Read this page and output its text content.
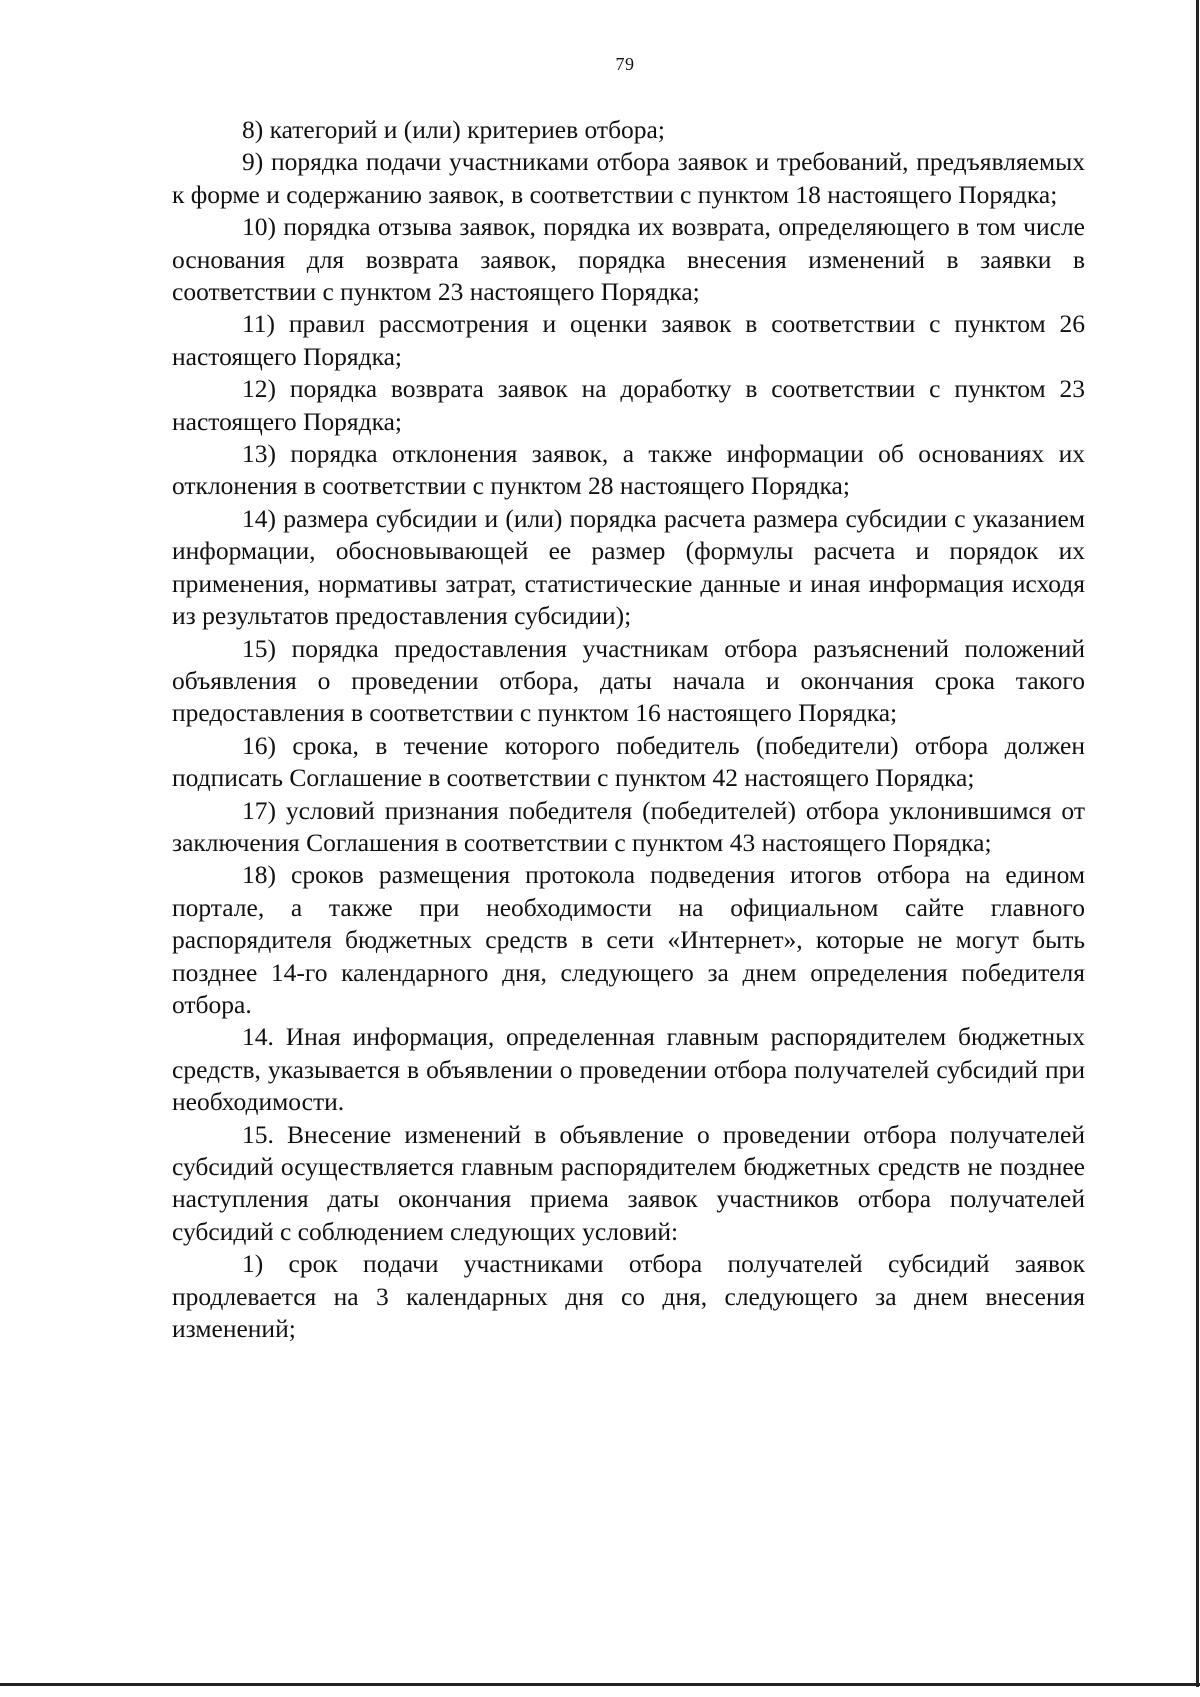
79

8) категорий и (или) критериев отбора;

9) порядка подачи участниками отбора заявок и требований, предъявляемых к форме и содержанию заявок, в соответствии с пунктом 18 настоящего Порядка;

10) порядка отзыва заявок, порядка их возврата, определяющего в том числе основания для возврата заявок, порядка внесения изменений в заявки в соответствии с пунктом 23 настоящего Порядка;

11) правил рассмотрения и оценки заявок в соответствии с пунктом 26 настоящего Порядка;

12) порядка возврата заявок на доработку в соответствии с пунктом 23 настоящего Порядка;

13) порядка отклонения заявок, а также информации об основаниях их отклонения в соответствии с пунктом 28 настоящего Порядка;

14) размера субсидии и (или) порядка расчета размера субсидии с указанием информации, обосновывающей ее размер (формулы расчета и порядок их применения, нормативы затрат, статистические данные и иная информация исходя из результатов предоставления субсидии);

15) порядка предоставления участникам отбора разъяснений положений объявления о проведении отбора, даты начала и окончания срока такого предоставления в соответствии с пунктом 16 настоящего Порядка;

16) срока, в течение которого победитель (победители) отбора должен подписать Соглашение в соответствии с пунктом 42 настоящего Порядка;

17) условий признания победителя (победителей) отбора уклонившимся от заключения Соглашения в соответствии с пунктом 43 настоящего Порядка;

18) сроков размещения протокола подведения итогов отбора на едином портале, а также при необходимости на официальном сайте главного распорядителя бюджетных средств в сети «Интернет», которые не могут быть позднее 14-го календарного дня, следующего за днем определения победителя отбора.

14. Иная информация, определенная главным распорядителем бюджетных средств, указывается в объявлении о проведении отбора получателей субсидий при необходимости.

15. Внесение изменений в объявление о проведении отбора получателей субсидий осуществляется главным распорядителем бюджетных средств не позднее наступления даты окончания приема заявок участников отбора получателей субсидий с соблюдением следующих условий:

1) срок подачи участниками отбора получателей субсидий заявок продлевается на 3 календарных дня со дня, следующего за днем внесения изменений;
